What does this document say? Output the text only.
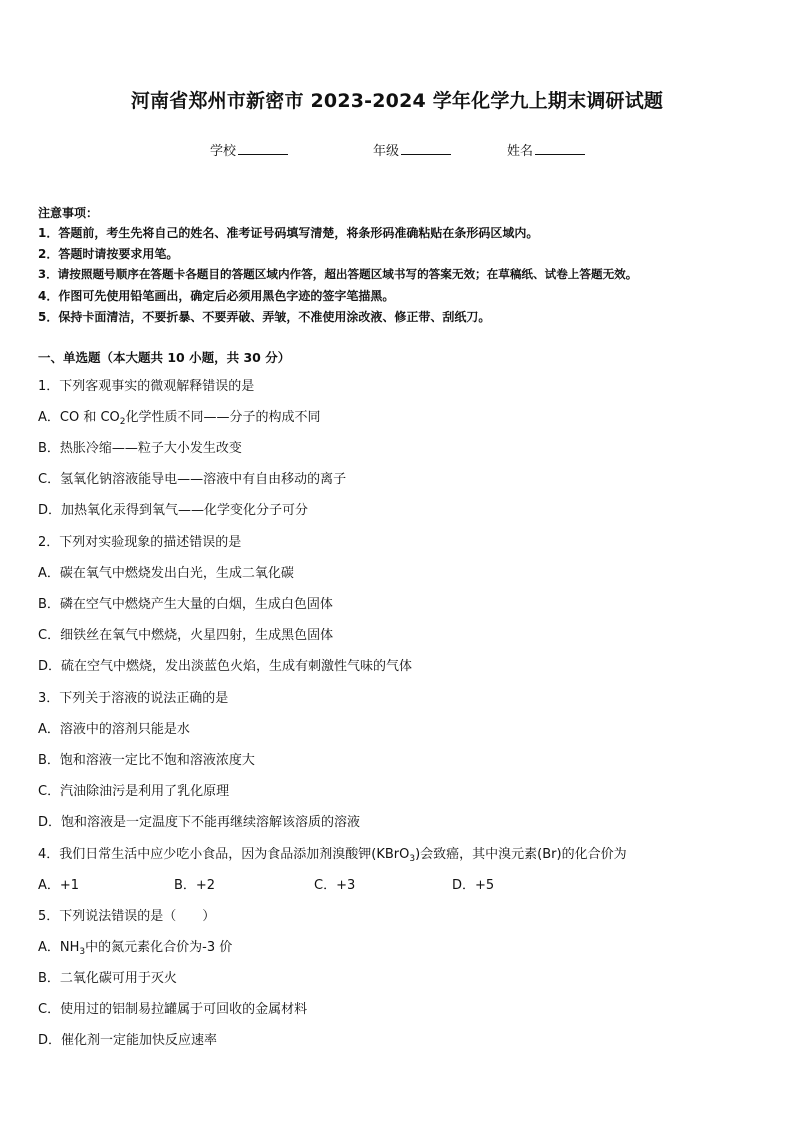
河南省郑州市新密市 2023-2024 学年化学九上期末调研试题
学校	年级	姓名
注意事项：
1．答题前，考生先将自己的姓名、准考证号码填写清楚，将条形码准确粘贴在条形码区域内。
2．答题时请按要求用笔。
3．请按照题号顺序在答题卡各题目的答题区域内作答，超出答题区域书写的答案无效；在草稿纸、试卷上答题无效。
4．作图可先使用铅笔画出，确定后必须用黑色字迹的签字笔描黑。
5．保持卡面清洁，不要折暴、不要弄破、弄皱，不准使用涂改液、修正带、刮纸刀。
一、单选题（本大题共 10 小题，共 30 分）
1．下列客观事实的微观解释错误的是
A．CO 和 $CO_2$化学性质不同——分子的构成不同
B．热胀冷缩——粒子大小发生改变
C．氢氧化钠溶液能导电——溶液中有自由移动的离子
D．加热氧化汞得到氧气——化学变化分子可分
2．下列对实验现象的描述错误的是
A．碳在氧气中燃烧发出白光，生成二氧化碳
B．磷在空气中燃烧产生大量的白烟，生成白色固体
C．细铁丝在氧气中燃烧，火星四射，生成黑色固体
D．硫在空气中燃烧，发出淡蓝色火焰，生成有刺激性气味的气体
3．下列关于溶液的说法正确的是
A．溶液中的溶剂只能是水
B．饱和溶液一定比不饱和溶液浓度大
C．汽油除油污是利用了乳化原理
D．饱和溶液是一定温度下不能再继续溶解该溶质的溶液
4．我们日常生活中应少吃小食品，因为食品添加剂溴酸钾(KBrO$_3$)会致癌，其中溴元素(Br)的化合价为
A．+1	B．+2	C．+3	D．+5
5．下列说法错误的是（　　）
A．$NH_3$中的氮元素化合价为-3 价
B．二氧化碳可用于灭火
C．使用过的铝制易拉罐属于可回收的金属材料
D．催化剂一定能加快反应速率
